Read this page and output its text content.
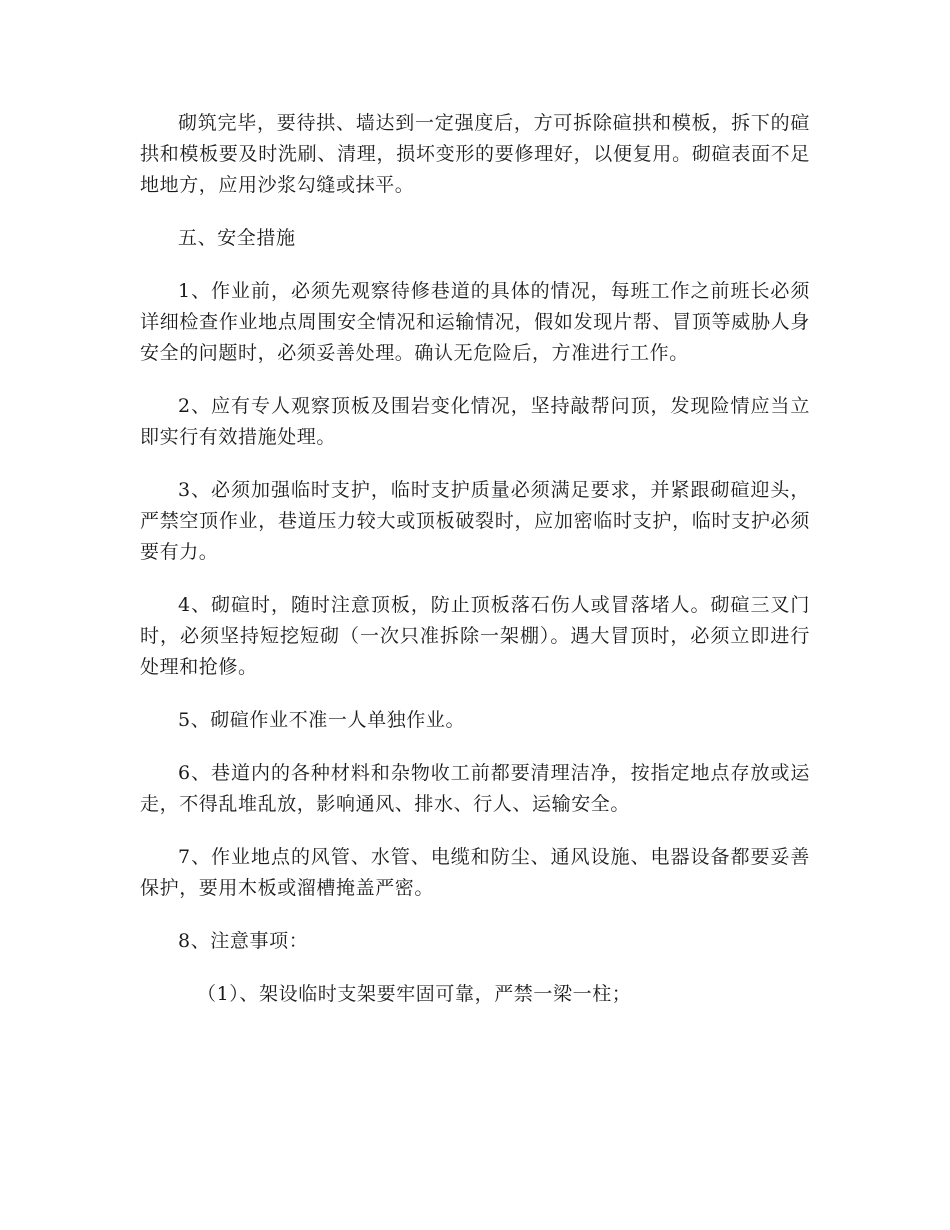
砌筑完毕，要待拱、墙达到一定强度后，方可拆除碹拱和模板，拆下的碹拱和模板要及时洗刷、清理，损坏变形的要修理好，以便复用。砌碹表面不足地地方，应用沙浆勾缝或抹平。

五、安全措施

1、作业前，必须先观察待修巷道的具体的情况，每班工作之前班长必须详细检查作业地点周围安全情况和运输情况，假如发现片帮、冒顶等威胁人身安全的问题时，必须妥善处理。确认无危险后，方准进行工作。

2、应有专人观察顶板及围岩变化情况，坚持敲帮问顶，发现险情应当立即实行有效措施处理。

3、必须加强临时支护，临时支护质量必须满足要求，并紧跟砌碹迎头，严禁空顶作业，巷道压力较大或顶板破裂时，应加密临时支护，临时支护必须要有力。

4、砌碹时，随时注意顶板，防止顶板落石伤人或冒落堵人。砌碹三叉门时，必须坚持短挖短砌（一次只准拆除一架棚）。遇大冒顶时，必须立即进行处理和抢修。

5、砌碹作业不准一人单独作业。

6、巷道内的各种材料和杂物收工前都要清理洁净，按指定地点存放或运走，不得乱堆乱放，影响通风、排水、行人、运输安全。

7、作业地点的风管、水管、电缆和防尘、通风设施、电器设备都要妥善保护，要用木板或溜槽掩盖严密。

8、注意事项：

（1）、架设临时支架要牢固可靠，严禁一梁一柱；
